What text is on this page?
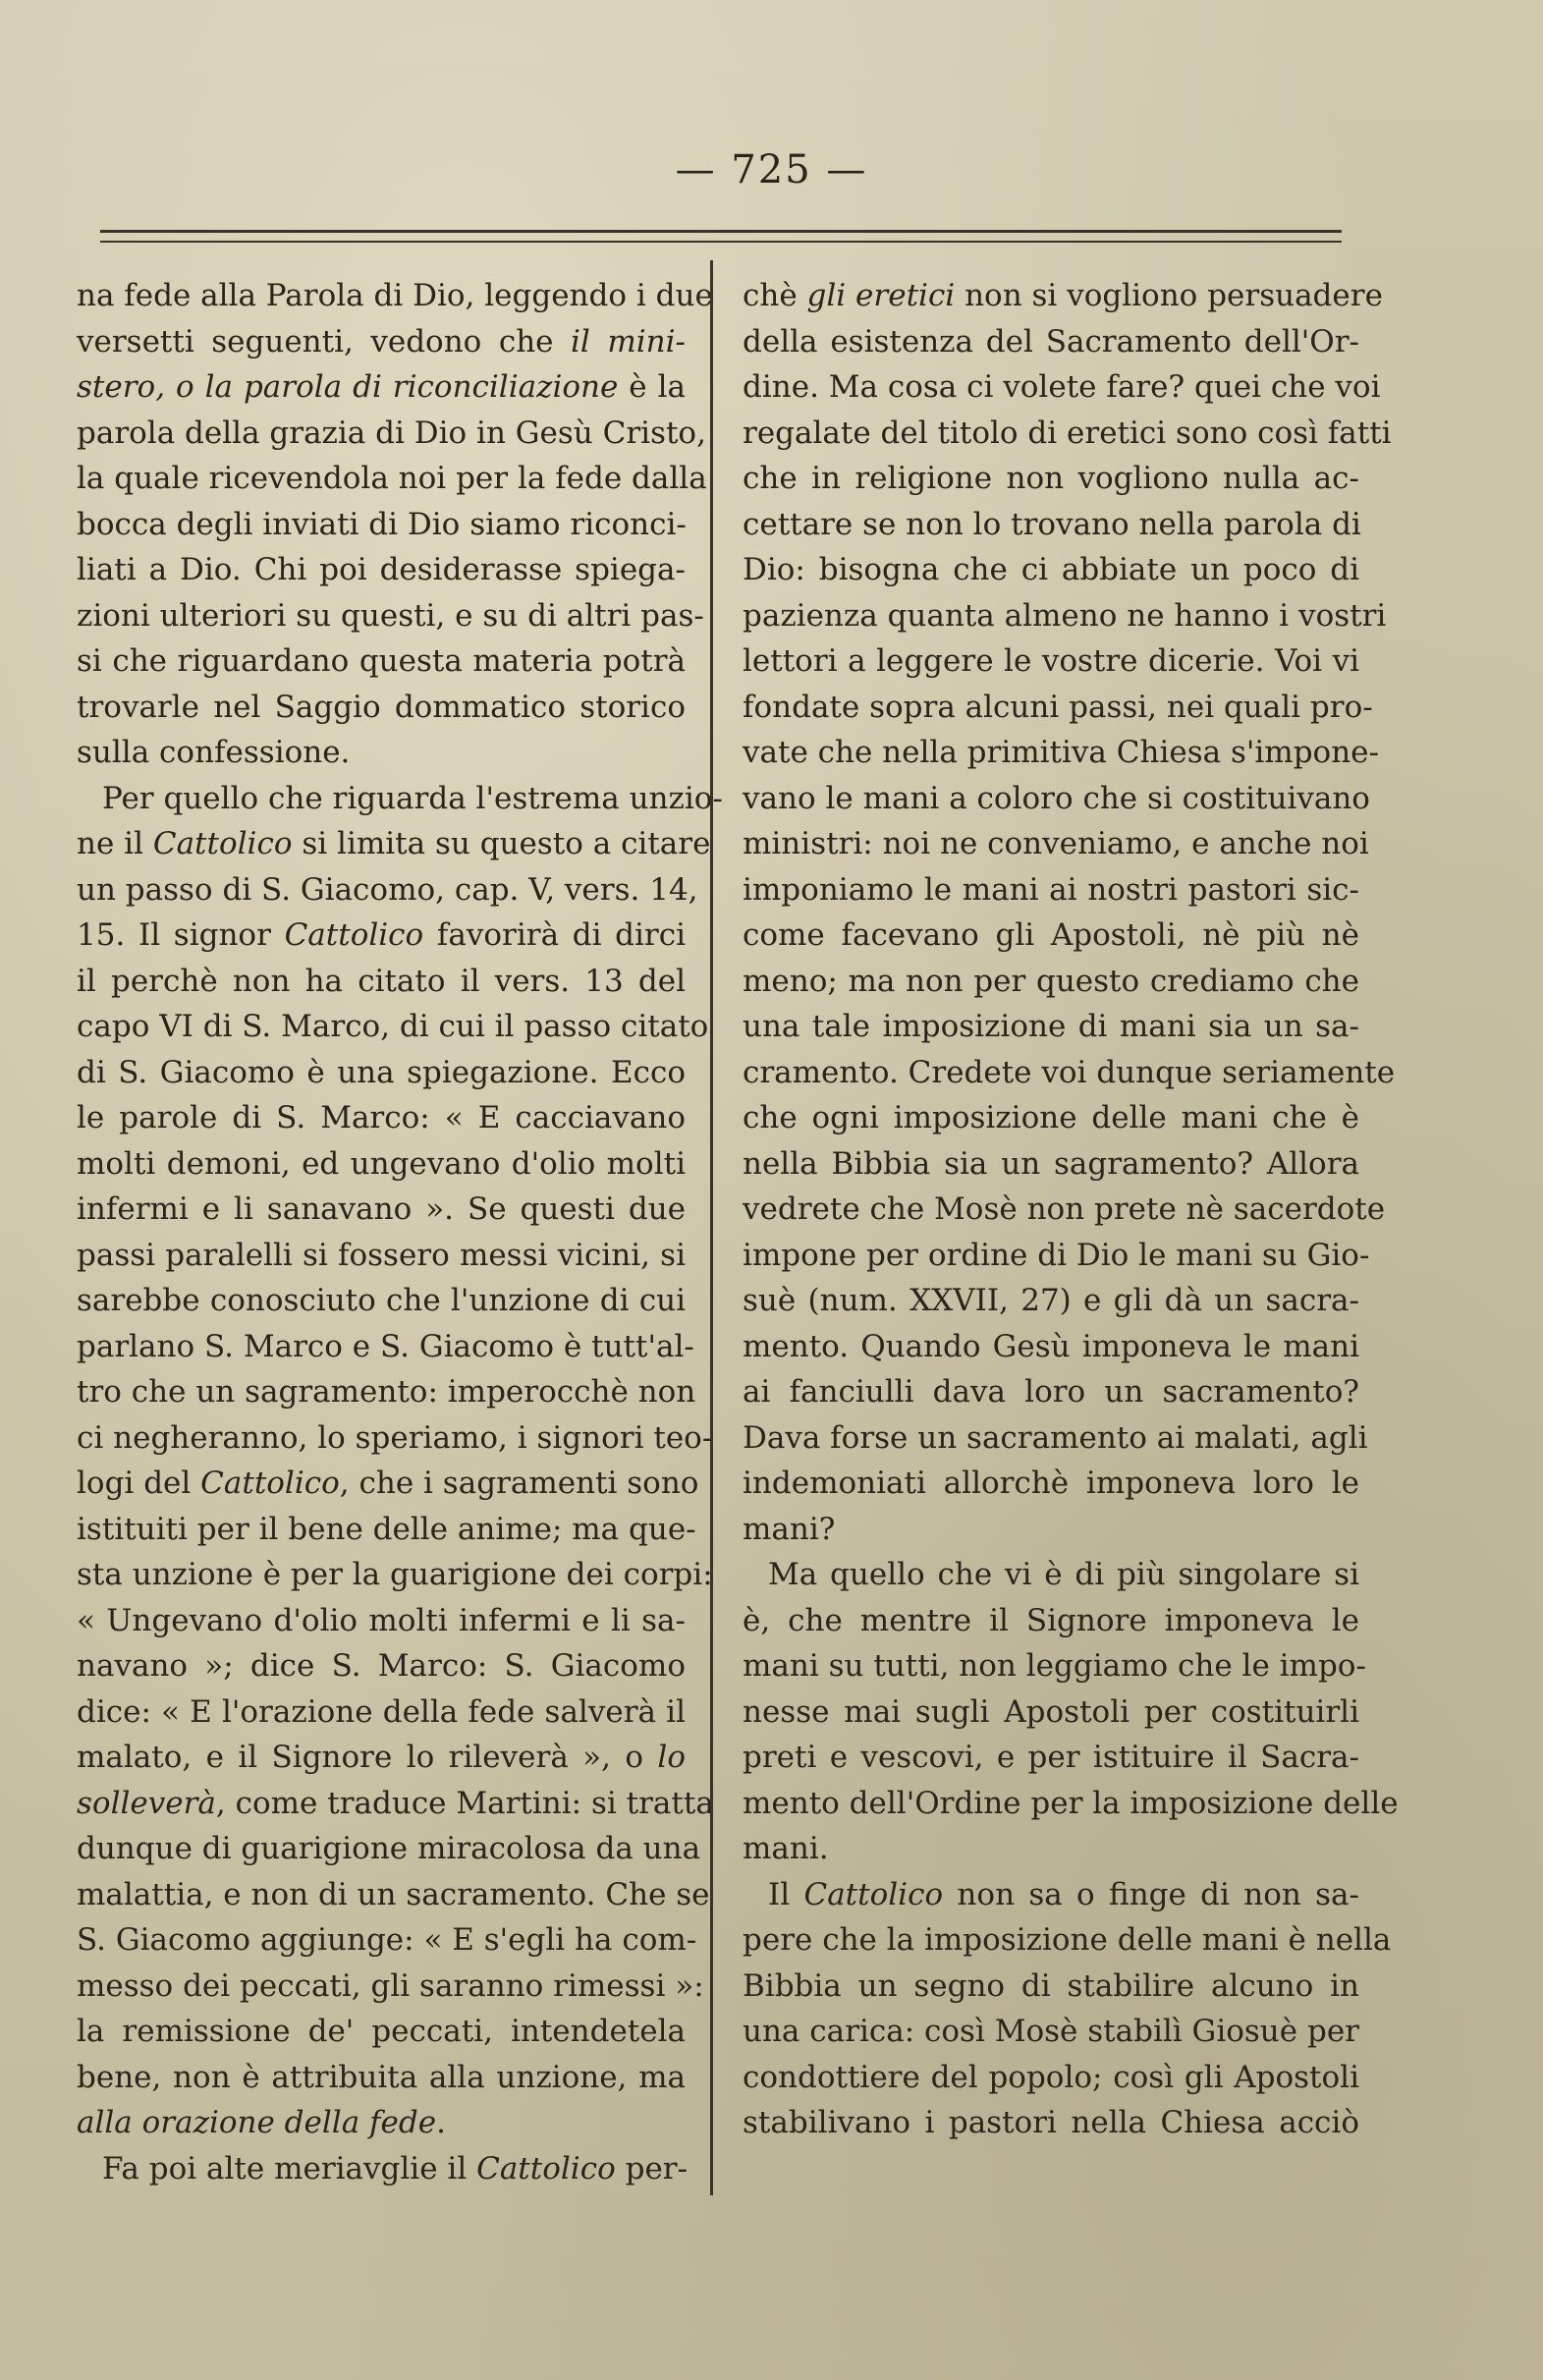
— 725 —
na fede alla Parola di Dio, leggendo i due
versetti seguenti, vedono che il mini-
stero, o la parola di riconciliazione è la
parola della grazia di Dio in Gesù Cristo,
la quale ricevendola noi per la fede dalla
bocca degli inviati di Dio siamo riconci-
liati a Dio. Chi poi desiderasse spiega-
zioni ulteriori su questi, e su di altri pas-
si che riguardano questa materia potrà
trovarle nel Saggio dommatico storico
sulla confessione.
Per quello che riguarda l'estrema unzio-
ne il Cattolico si limita su questo a citare
un passo di S. Giacomo, cap. V, vers. 14,
15. Il signor Cattolico favorirà di dirci
il perchè non ha citato il vers. 13 del
capo VI di S. Marco, di cui il passo citato
di S. Giacomo è una spiegazione. Ecco
le parole di S. Marco: « E cacciavano
molti demoni, ed ungevano d'olio molti
infermi e li sanavano ». Se questi due
passi paralelli si fossero messi vicini, si
sarebbe conosciuto che l'unzione di cui
parlano S. Marco e S. Giacomo è tutt'al-
tro che un sagramento: imperocchè non
ci negheranno, lo speriamo, i signori teo-
logi del Cattolico, che i sagramenti sono
istituiti per il bene delle anime; ma que-
sta unzione è per la guarigione dei corpi:
« Ungevano d'olio molti infermi e li sa-
navano »; dice S. Marco: S. Giacomo
dice: « E l'orazione della fede salverà il
malato, e il Signore lo rileverà », o lo
solleverà, come traduce Martini: si tratta
dunque di guarigione miracolosa da una
malattia, e non di un sacramento. Che se
S. Giacomo aggiunge: « E s'egli ha com-
messo dei peccati, gli saranno rimessi »:
la remissione de' peccati, intendetela
bene, non è attribuita alla unzione, ma
alla orazione della fede.
Fa poi alte meriavglie il Cattolico per-
chè gli eretici non si vogliono persuadere
della esistenza del Sacramento dell'Or-
dine. Ma cosa ci volete fare? quei che voi
regalate del titolo di eretici sono così fatti
che in religione non vogliono nulla ac-
cettare se non lo trovano nella parola di
Dio: bisogna che ci abbiate un poco di
pazienza quanta almeno ne hanno i vostri
lettori a leggere le vostre dicerie. Voi vi
fondate sopra alcuni passi, nei quali pro-
vate che nella primitiva Chiesa s'impone-
vano le mani a coloro che si costituivano
ministri: noi ne conveniamo, e anche noi
imponiamo le mani ai nostri pastori sic-
come facevano gli Apostoli, nè più nè
meno; ma non per questo crediamo che
una tale imposizione di mani sia un sa-
cramento. Credete voi dunque seriamente
che ogni imposizione delle mani che è
nella Bibbia sia un sagramento? Allora
vedrete che Mosè non prete nè sacerdote
impone per ordine di Dio le mani su Gio-
suè (num. XXVII, 27) e gli dà un sacra-
mento. Quando Gesù imponeva le mani
ai fanciulli dava loro un sacramento?
Dava forse un sacramento ai malati, agli
indemoniati allorchè imponeva loro le
mani?
Ma quello che vi è di più singolare si
è, che mentre il Signore imponeva le
mani su tutti, non leggiamo che le impo-
nesse mai sugli Apostoli per costituirli
preti e vescovi, e per istituire il Sacra-
mento dell'Ordine per la imposizione delle
mani.
Il Cattolico non sa o finge di non sa-
pere che la imposizione delle mani è nella
Bibbia un segno di stabilire alcuno in
una carica: così Mosè stabilì Giosuè per
condottiere del popolo; così gli Apostoli
stabilivano i pastori nella Chiesa acciò
